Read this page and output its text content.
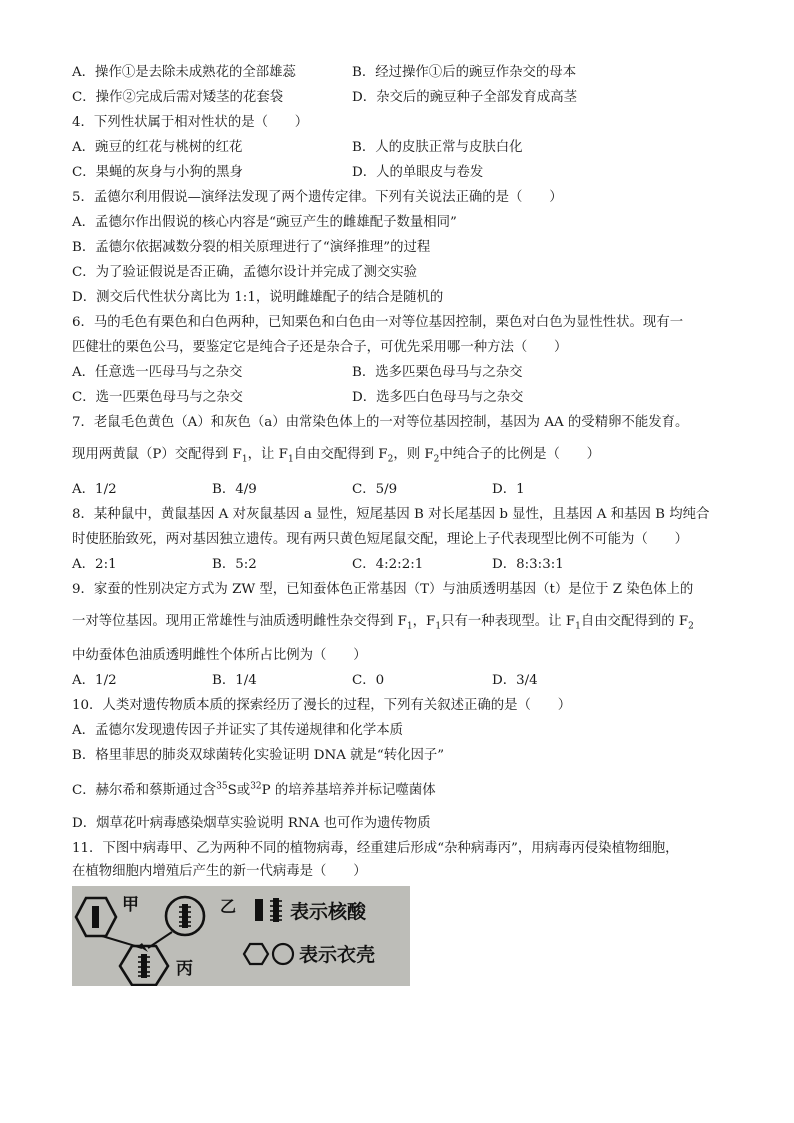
A．操作①是去除未成熟花的全部雄蕊	B．经过操作①后的豌豆作杂交的母本
C．操作②完成后需对矮茎的花套袋	D．杂交后的豌豆种子全部发育成高茎
4．下列性状属于相对性状的是（　　）
A．豌豆的红花与桃树的红花	B．人的皮肤正常与皮肤白化
C．果蝇的灰身与小狗的黑身	D．人的单眼皮与卷发
5．孟德尔利用假说—演绎法发现了两个遗传定律。下列有关说法正确的是（　　）
A．孟德尔作出假说的核心内容是“豌豆产生的雌雄配子数量相同”
B．孟德尔依据减数分裂的相关原理进行了“演绎推理”的过程
C．为了验证假说是否正确，孟德尔设计并完成了测交实验
D．测交后代性状分离比为 1:1，说明雌雄配子的结合是随机的
6．马的毛色有栗色和白色两种，已知栗色和白色由一对等位基因控制，栗色对白色为显性性状。现有一
匹健壮的栗色公马，要鉴定它是纯合子还是杂合子，可优先采用哪一种方法（　　）
A．任意选一匹母马与之杂交	B．选多匹栗色母马与之杂交
C．选一匹栗色母马与之杂交	D．选多匹白色母马与之杂交
7．老鼠毛色黄色（A）和灰色（a）由常染色体上的一对等位基因控制，基因为 AA 的受精卵不能发育。
现用两黄鼠（P）交配得到 $F_1$，让 $F_1$自由交配得到 $F_2$，则 $F_2$中纯合子的比例是（　　）
A．1/2	B．4/9	C．5/9	D．1
8．某种鼠中，黄鼠基因 A 对灰鼠基因 a 显性，短尾基因 B 对长尾基因 b 显性，且基因 A 和基因 B 均纯合
时使胚胎致死，两对基因独立遗传。现有两只黄色短尾鼠交配，理论上子代表现型比例不可能为（　　）
A．2:1	B．5:2	C．4:2:2:1	D．8:3:3:1
9．家蚕的性别决定方式为 ZW 型，已知蚕体色正常基因（T）与油质透明基因（t）是位于 Z 染色体上的
一对等位基因。现用正常雄性与油质透明雌性杂交得到 $F_1$，$F_1$只有一种表现型。让 $F_1$自由交配得到的 $F_2$
中幼蚕体色油质透明雌性个体所占比例为（　　）
A．1/2	B．1/4	C．0	D．3/4
10．人类对遗传物质本质的探索经历了漫长的过程，下列有关叙述正确的是（　　）
A．孟德尔发现遗传因子并证实了其传递规律和化学本质
B．格里菲思的肺炎双球菌转化实验证明 DNA 就是“转化因子”
C．赫尔希和蔡斯通过含$^{35}$S或$^{32}$P 的培养基培养并标记噬菌体
D．烟草花叶病毒感染烟草实验说明 RNA 也可作为遗传物质
11．下图中病毒甲、乙为两种不同的植物病毒，经重建后形成“杂种病毒丙”，用病毒丙侵染植物细胞，
在植物细胞内增殖后产生的新一代病毒是（　　）
甲	乙
丙
表示核酸
表示衣壳
